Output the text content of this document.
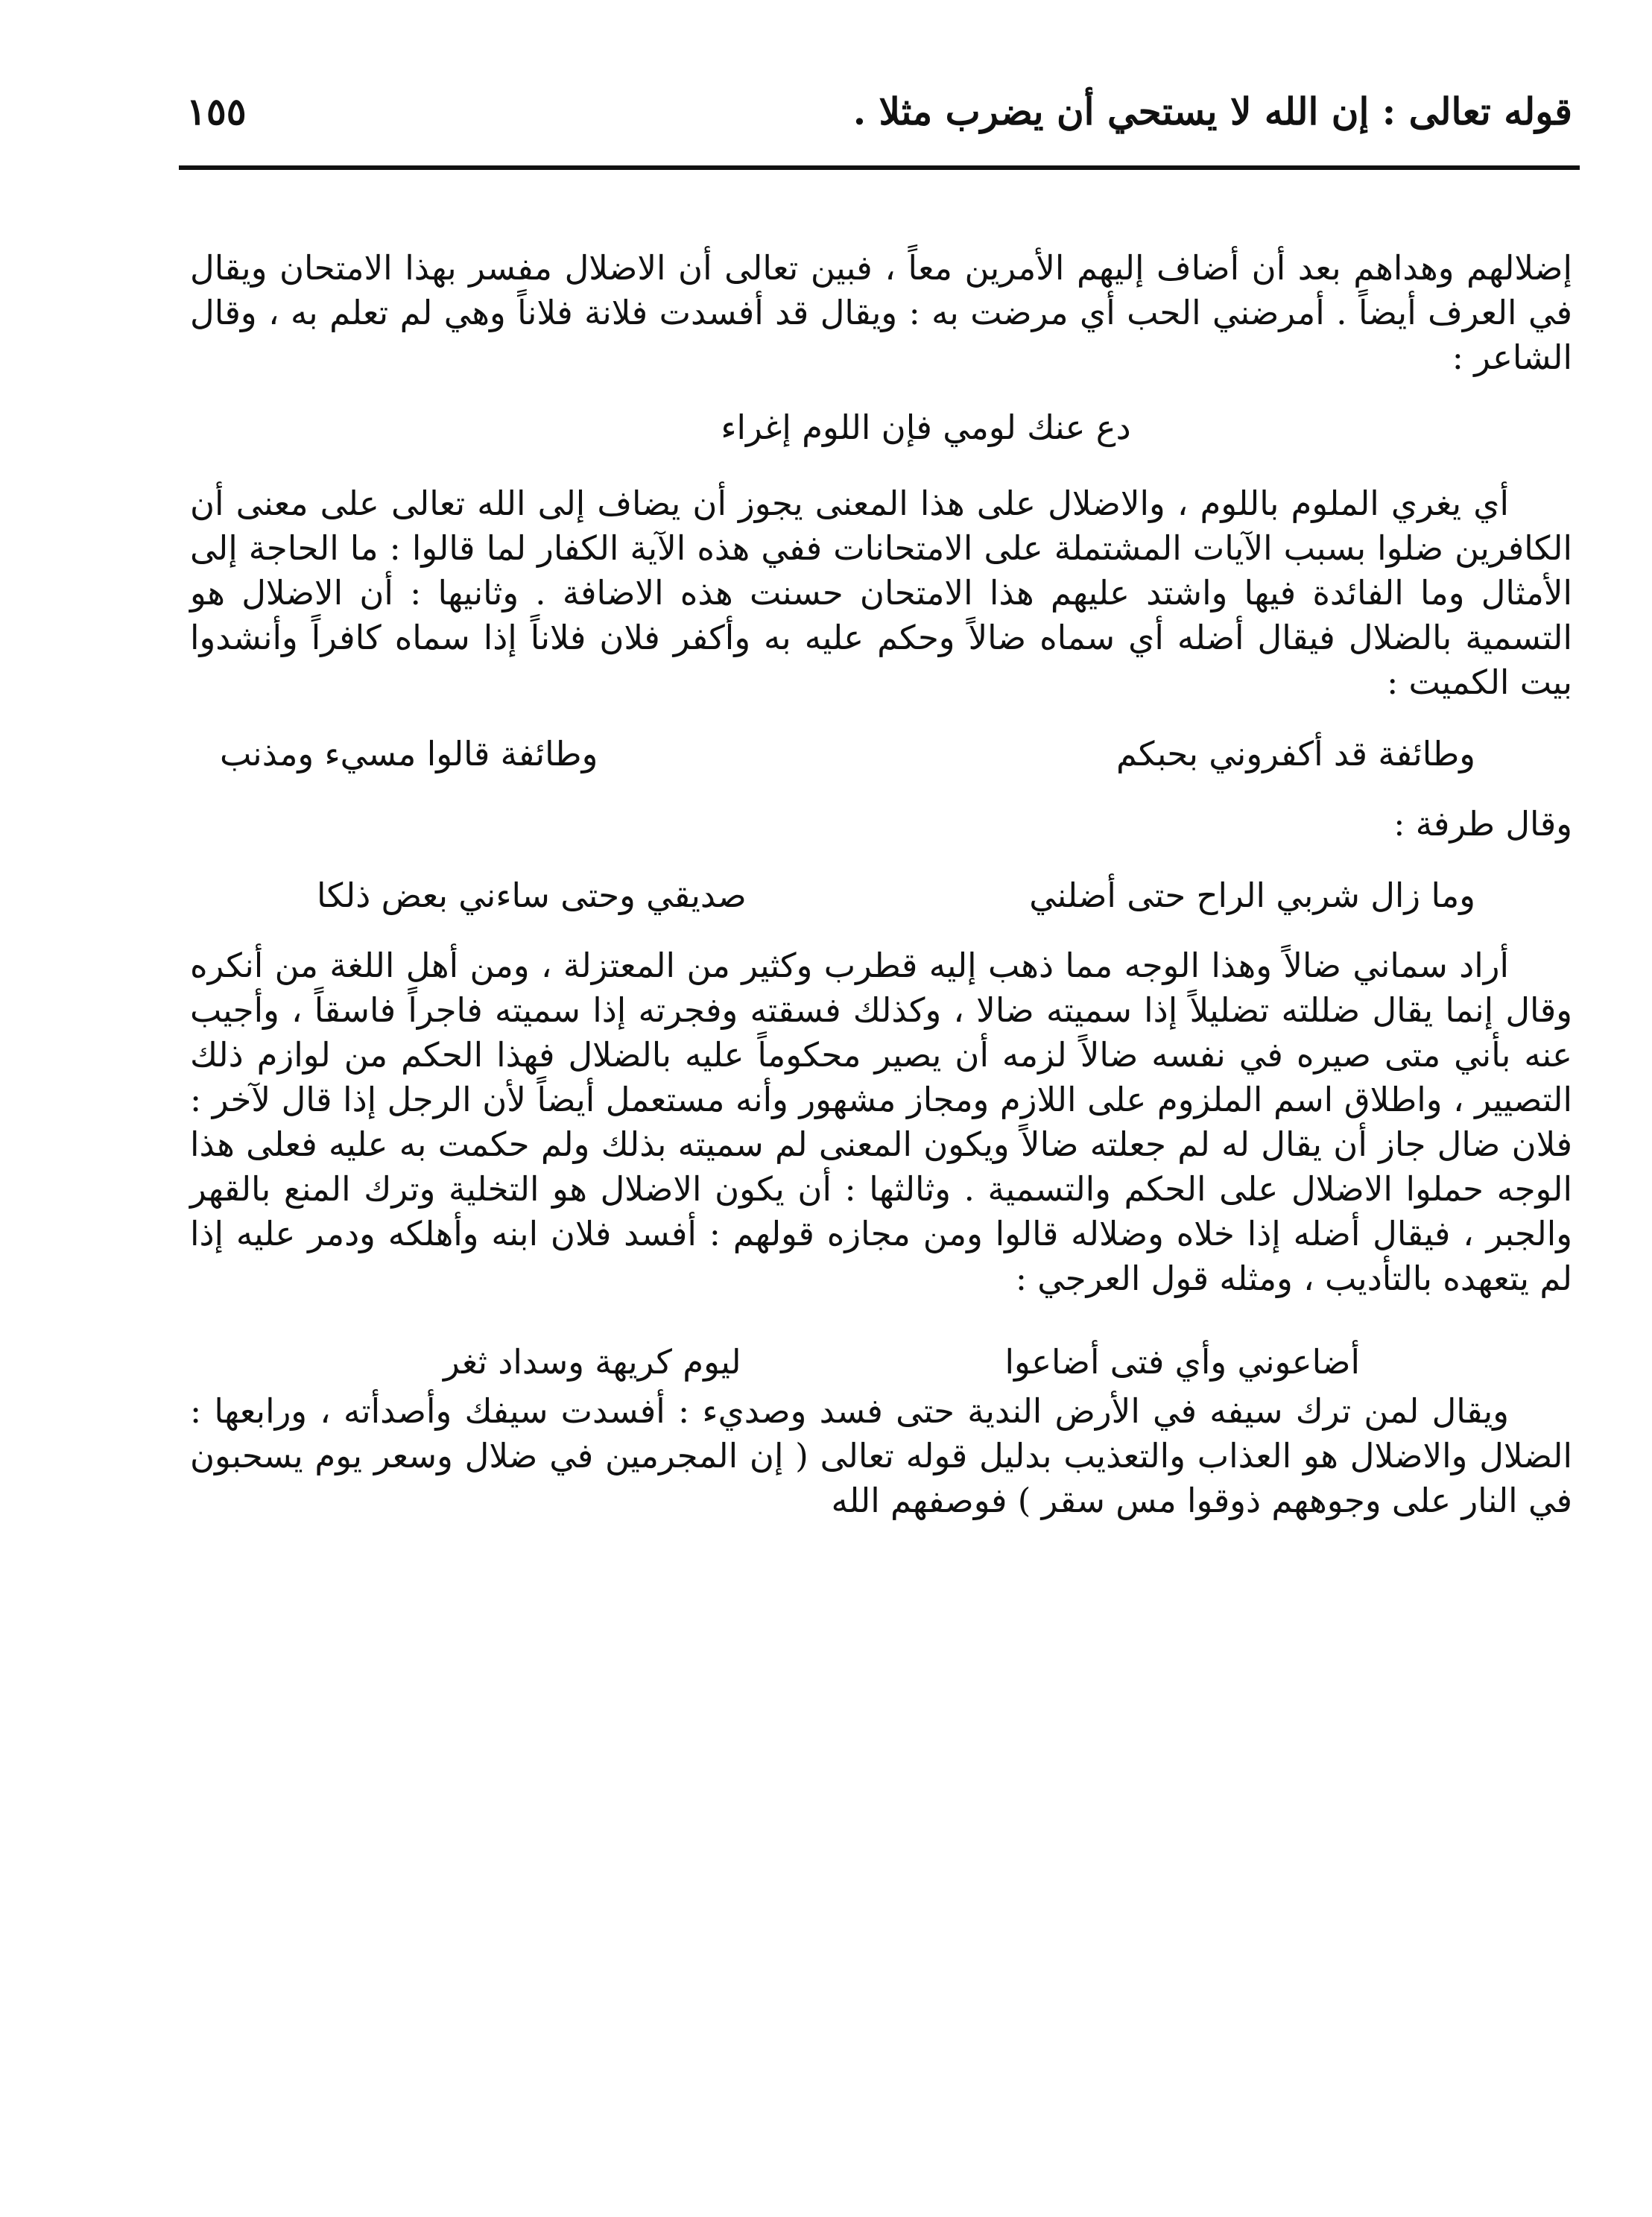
قوله تعالى : إن الله لا يستحي أن يضرب مثلا .
١٥٥

إضلالهم وهداهم بعد أن أضاف إليهم الأمرين معاً ، فبين تعالى أن الاضلال مفسر بهذا الامتحان ويقال في العرف أيضاً . أمرضني الحب أي مرضت به : ويقال قد أفسدت فلانة فلاناً وهي لم تعلم به ، وقال الشاعر :

دع عنك لومي فإن اللوم إغراء

أي يغري الملوم باللوم ، والاضلال على هذا المعنى يجوز أن يضاف إلى الله تعالى على معنى أن الكافرين ضلوا بسبب الآيات المشتملة على الامتحانات ففي هذه الآية الكفار لما قالوا : ما الحاجة إلى الأمثال وما الفائدة فيها واشتد عليهم هذا الامتحان حسنت هذه الاضافة . وثانيها : أن الاضلال هو التسمية بالضلال فيقال أضله أي سماه ضالاً وحكم عليه به وأكفر فلان فلاناً إذا سماه كافراً وأنشدوا بيت الكميت :

وطائفة قد أكفروني بحبكم
وطائفة قالوا مسيء ومذنب

وقال طرفة :

وما زال شربي الراح حتى أضلني
صديقي وحتى ساءني بعض ذلكا

أراد سماني ضالاً وهذا الوجه مما ذهب إليه قطرب وكثير من المعتزلة ، ومن أهل اللغة من أنكره وقال إنما يقال ضللته تضليلاً إذا سميته ضالا ، وكذلك فسقته وفجرته إذا سميته فاجراً فاسقاً ، وأجيب عنه بأني متى صيره في نفسه ضالاً لزمه أن يصير محكوماً عليه بالضلال فهذا الحكم من لوازم ذلك التصيير ، واطلاق اسم الملزوم على اللازم ومجاز مشهور وأنه مستعمل أيضاً لأن الرجل إذا قال لآخر : فلان ضال جاز أن يقال له لم جعلته ضالاً ويكون المعنى لم سميته بذلك ولم حكمت به عليه فعلى هذا الوجه حملوا الاضلال على الحكم والتسمية . وثالثها : أن يكون الاضلال هو التخلية وترك المنع بالقهر والجبر ، فيقال أضله إذا خلاه وضلاله قالوا ومن مجازه قولهم : أفسد فلان ابنه وأهلكه ودمر عليه إذا لم يتعهده بالتأديب ، ومثله قول العرجي :

أضاعوني وأي فتى أضاعوا
ليوم كريهة وسداد ثغر

ويقال لمن ترك سيفه في الأرض الندية حتى فسد وصديء : أفسدت سيفك وأصدأته ، ورابعها : الضلال والاضلال هو العذاب والتعذيب بدليل قوله تعالى ( إن المجرمين في ضلال وسعر يوم يسحبون في النار على وجوههم ذوقوا مس سقر ) فوصفهم الله
